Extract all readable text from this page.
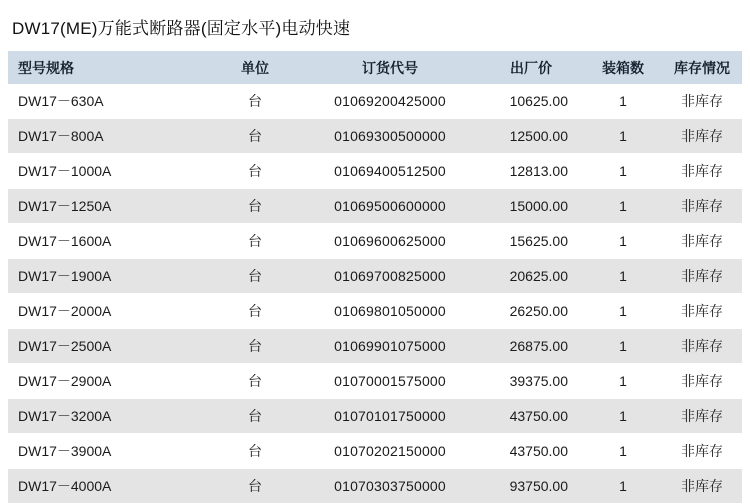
DW17(ME)万能式断路器(固定水平)电动快速
型号规格	单位	订货代号	出厂价	装箱数	库存情况
DW17－630A	台	01069200425000	10625.00	1	非库存
DW17－800A	台	01069300500000	12500.00	1	非库存
DW17－1000A	台	01069400512500	12813.00	1	非库存
DW17－1250A	台	01069500600000	15000.00	1	非库存
DW17－1600A	台	01069600625000	15625.00	1	非库存
DW17－1900A	台	01069700825000	20625.00	1	非库存
DW17－2000A	台	01069801050000	26250.00	1	非库存
DW17－2500A	台	01069901075000	26875.00	1	非库存
DW17－2900A	台	01070001575000	39375.00	1	非库存
DW17－3200A	台	01070101750000	43750.00	1	非库存
DW17－3900A	台	01070202150000	43750.00	1	非库存
DW17－4000A	台	01070303750000	93750.00	1	非库存
